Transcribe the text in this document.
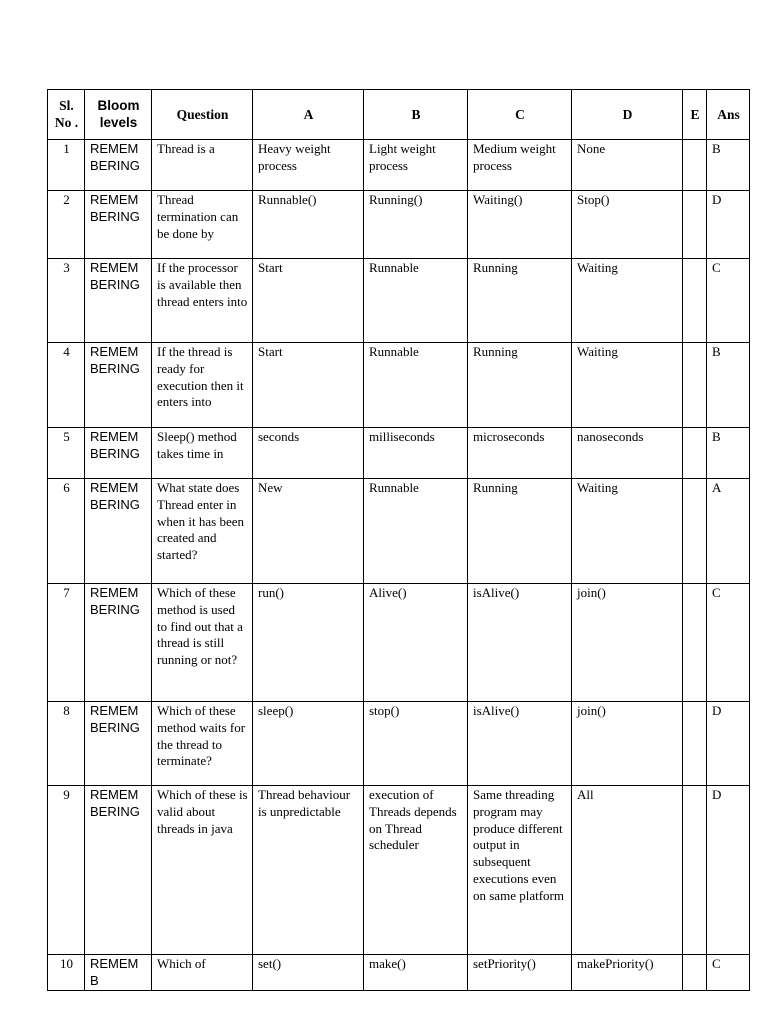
Sl. No .	Bloom levels	Question	A	B	C	D	E	Ans
1	REMEMBERING	Thread is a	Heavy weight process	Light weight process	Medium weight process	None		B
2	REMEMBERING	Thread termination can be done by	Runnable()	Running()	Waiting()	Stop()		D
3	REMEMBERING	If the processor is available then thread enters into	Start	Runnable	Running	Waiting		C
4	REMEMBERING	If the thread is ready for execution then it enters into	Start	Runnable	Running	Waiting		B
5	REMEMBERING	Sleep() method takes time in	seconds	milliseconds	microseconds	nanoseconds		B
6	REMEMBERING	What state does Thread enter in when it has been created and started?	New	Runnable	Running	Waiting		A
7	REMEMBERING	Which of these method is used to find out that a thread is still running or not?	run()	Alive()	isAlive()	join()		C
8	REMEMBERING	Which of these method waits for the thread to terminate?	sleep()	stop()	isAlive()	join()		D
9	REMEMBERING	Which of these is valid about threads in java	Thread behaviour is unpredictable	execution of Threads depends on Thread scheduler	Same threading program may produce different output in subsequent executions even on same platform	All		D
10	REMEMB	Which of	set()	make()	setPriority()	makePriority()		C
